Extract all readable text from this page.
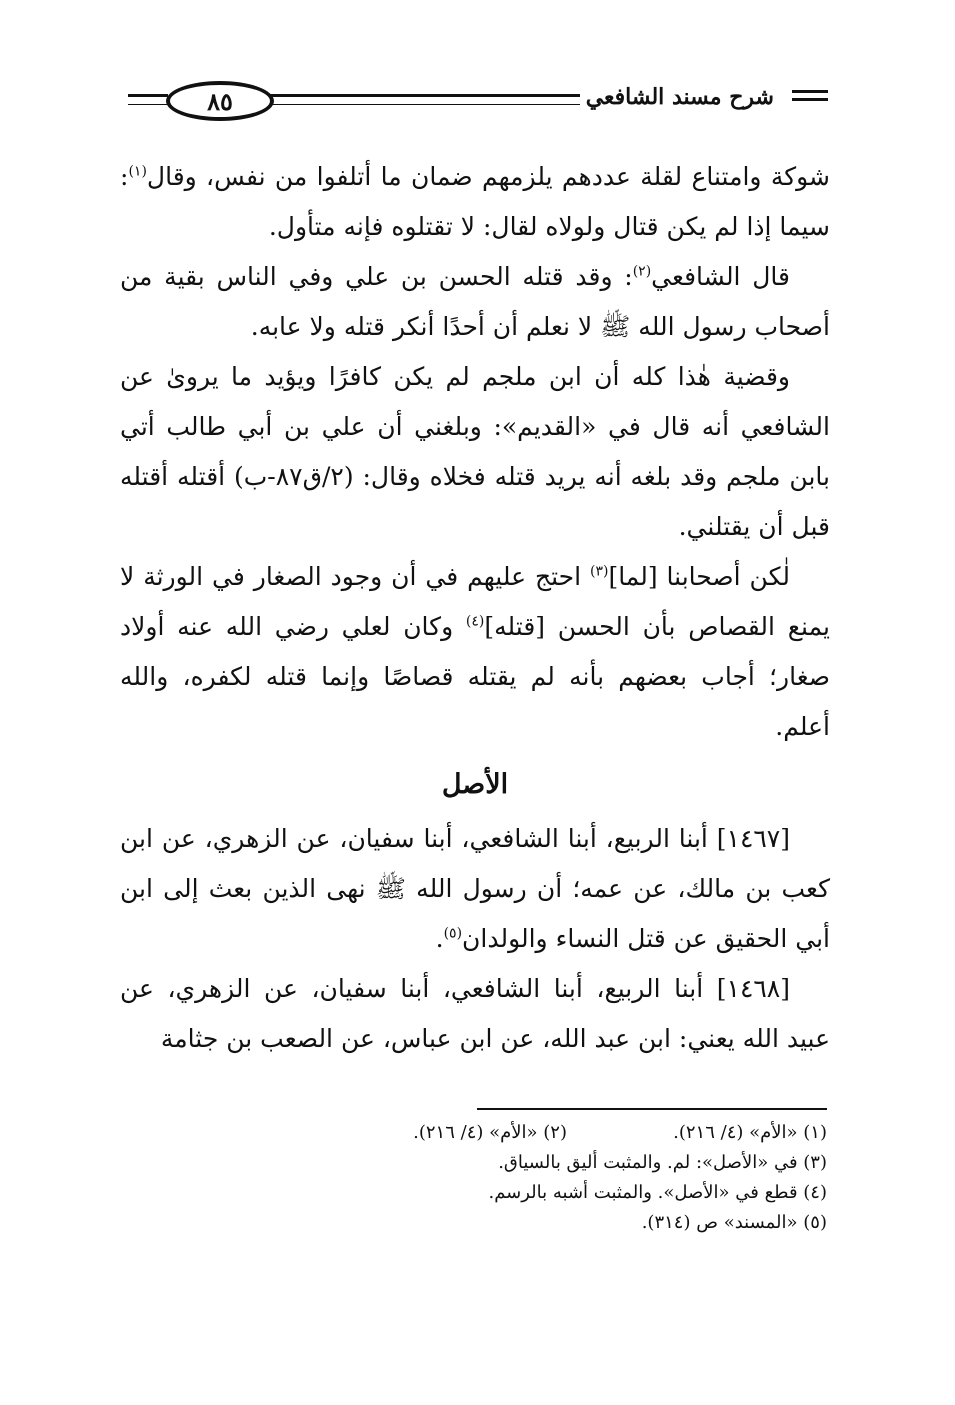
٨٥	شرح مسند الشافعي

شوكة وامتناع لقلة عددهم يلزمهم ضمان ما أتلفوا من نفس، وقال$^{(١)}$: سيما إذا لم يكن قتال ولولاه لقال: لا تقتلوه فإنه متأول.

قال الشافعي$^{(٢)}$: وقد قتله الحسن بن علي وفي الناس بقية من أصحاب رسول الله ﷺ لا نعلم أن أحدًا أنكر قتله ولا عابه.

وقضية هٰذا كله أن ابن ملجم لم يكن كافرًا ويؤيد ما يروىٰ عن الشافعي أنه قال في «القديم»: وبلغني أن علي بن أبي طالب أتي بابن ملجم وقد بلغه أنه يريد قتله فخلاه وقال: (٢/ق٨٧-ب) أقتله أقتله قبل أن يقتلني.

لٰكن أصحابنا [لما]$^{(٣)}$ احتج عليهم في أن وجود الصغار في الورثة لا يمنع القصاص بأن الحسن [قتله]$^{(٤)}$ وكان لعلي رضي الله عنه أولاد صغار؛ أجاب بعضهم بأنه لم يقتله قصاصًا وإنما قتله لكفره، والله أعلم.

الأصل

[١٤٦٧] أبنا الربيع، أبنا الشافعي، أبنا سفيان، عن الزهري، عن ابن كعب بن مالك، عن عمه؛ أن رسول الله ﷺ نهى الذين بعث إلى ابن أبي الحقيق عن قتل النساء والولدان$^{(٥)}$.

[١٤٦٨] أبنا الربيع، أبنا الشافعي، أبنا سفيان، عن الزهري، عن عبيد الله يعني: ابن عبد الله، عن ابن عباس، عن الصعب بن جثامة

(١) «الأم» (٤/ ٢١٦).
(٢) «الأم» (٤/ ٢١٦).
(٣) في «الأصل»: لم. والمثبت أليق بالسياق.
(٤) قطع في «الأصل». والمثبت أشبه بالرسم.
(٥) «المسند» ص (٣١٤).
